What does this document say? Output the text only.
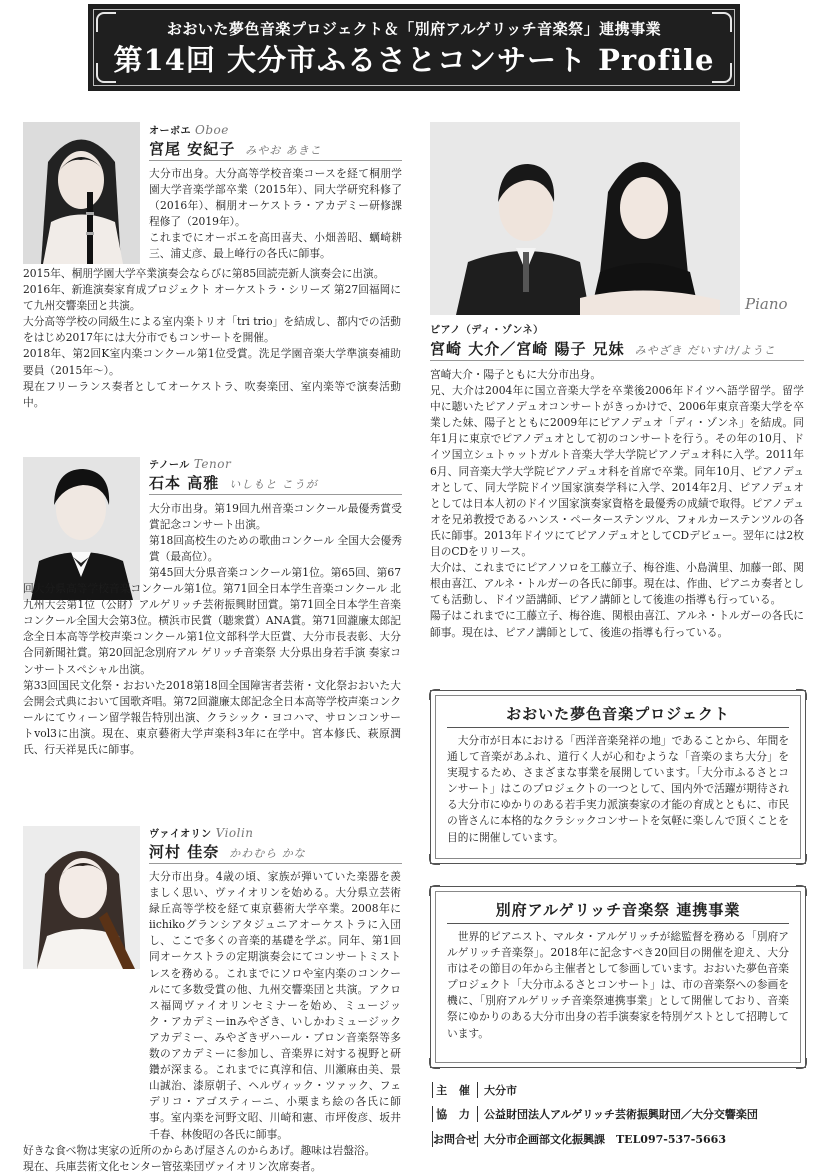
おおいた夢色音楽プロジェクト＆「別府アルゲリッチ音楽祭」連携事業
第14回 大分市ふるさとコンサート Profile
オーボエ Oboe
宮尾 安紀子 みやお あきこ

大分市出身。大分高等学校音楽コースを経て桐朋学園大学音楽学部卒業（2015年）、同大学研究科修了（2016年）、桐朋オーケストラ・アカデミー研修課程修了（2019年）。

これまでにオーボエを高田喜夫、小畑善昭、蠣崎耕三、浦丈彦、最上峰行の各氏に師事。

2015年、桐朋学園大学卒業演奏会ならびに第85回読売新人演奏会に出演。

2016年、新進演奏家育成プロジェクト オーケストラ・シリーズ 第27回福岡にて九州交響楽団と共演。

大分高等学校の同級生による室内楽トリオ「tri trio」を結成し、都内での活動をはじめ2017年には大分市でもコンサートを開催。

2018年、第2回K室内楽コンクール第1位受賞。洗足学園音楽大学準演奏補助要員（2015年〜）。

現在フリーランス奏者としてオーケストラ、吹奏楽団、室内楽等で演奏活動中。

テノール Tenor
石本 高雅 いしもと こうが

大分市出身。第19回九州音楽コンクール最優秀賞受賞記念コンサート出演。

第18回高校生のための歌曲コンクール 全国大会優秀賞（最高位）。

第45回大分県音楽コンクール第1位。第65回、第67回大分県高等学校音楽コンクール第1位。第71回全日本学生音楽コンクール 北九州大会第1位（公財）アルゲリッチ芸術振興財団賞。第71回全日本学生音楽コンクール全国大会第3位。横浜市民賞（聴衆賞）ANA賞。第71回瀧廉太郎記念全日本高等学校声楽コンクール第1位文部科学大臣賞、大分市長表彰、大分合同新聞社賞。第20回記念別府アル ゲリッチ音楽祭 大分県出身若手演 奏家コンサートスペシャル出演。

第33回国民文化祭・おおいた2018第18回全国障害者芸術・文化祭おおいた大会開会式典において国歌斉唱。第72回瀧廉太郎記念全日本高等学校声楽コンクールにてウィーン留学報告特別出演、クラシック・ヨコハマ、サロンコンサートvol3に出演。現在、東京藝術大学声楽科3年に在学中。宮本修氏、萩原潤氏、行天祥晃氏に師事。

ヴァイオリン Violin
河村 佳奈 かわむら かな

大分市出身。4歳の頃、家族が弾いていた楽器を羨ましく思い、ヴァイオリンを始める。大分県立芸術緑丘高等学校を経て東京藝術大学卒業。2008年にiichikoグランシアタジュニアオーケストラに入団し、ここで多くの音楽的基礎を学ぶ。同年、第1回同オーケストラの定期演奏会にてコンサートミストレスを務める。これまでにソロや室内楽のコンクールにて多数受賞の他、九州交響楽団と共演。アクロス福岡ヴァイオリンセミナーを始め、ミュージック・アカデミーinみやざき、いしかわミュージックアカデミー、みやざきザハール・ブロン音楽祭等多数のアカデミーに参加し、音楽界に対する視野と研鑽が深まる。これまでに真淳和信、川瀬麻由美、景山誠治、漆原朝子、ヘルヴィック・ツァック、フェデリコ・アゴスティーニ、小栗まち絵の各氏に師事。室内楽を河野文昭、川崎和憲、市坪俊彦、坂井千春、林俊昭の各氏に師事。

好きな食べ物は実家の近所のからあげ屋さんのからあげ。趣味は岩盤浴。

現在、兵庫芸術文化センター管弦楽団ヴァイオリン次席奏者。

Piano
ピアノ（ディ・ゾンネ）
宮崎 大介／宮崎 陽子 兄妹 みやざき だいすけ/ようこ

宮崎大介・陽子ともに大分市出身。

兄、大介は2004年に国立音楽大学を卒業後2006年ドイツへ語学留学。留学中に聴いたピアノデュオコンサートがきっかけで、2006年東京音楽大学を卒業した妹、陽子とともに2009年にピアノデュオ「ディ・ゾンネ」を結成。同年1月に東京でピアノデュオとして初のコンサートを行う。その年の10月、ドイツ国立シュトゥットガルト音楽大学大学院ピアノデュオ科に入学。2011年6月、同音楽大学大学院ピアノデュオ科を首席で卒業。同年10月、ピアノデュオとして、同大学院ドイツ国家演奏学科に入学、2014年2月、ピアノデュオとしては日本人初のドイツ国家演奏家資格を最優秀の成績で取得。ピアノデュオを兄弟教授であるハンス・ペーターステンツル、フォルカーステンツルの各氏に師事。2013年ドイツにてピアノデュオとしてCDデビュー。翌年には2枚目のCDをリリース。

大介は、これまでにピアノソロを工藤立子、梅谷進、小島満里、加藤一郎、関根由喜江、アルネ・トルガーの各氏に師事。現在は、作曲、ピアニカ奏者としても活動し、ドイツ語講師、ピアノ講師として後進の指導も行っている。

陽子はこれまでに工藤立子、梅谷進、関根由喜江、アルネ・トルガーの各氏に師事。現在は、ピアノ講師として、後進の指導も行っている。

おおいた夢色音楽プロジェクト

大分市が日本における「西洋音楽発祥の地」であることから、年間を通して音楽があふれ、道行く人が心和むような「音楽のまち大分」を実現するため、さまざまな事業を展開しています。「大分市ふるさとコンサート」はこのプロジェクトの一つとして、国内外で活躍が期待される大分市にゆかりのある若手実力派演奏家の才能の育成とともに、市民の皆さんに本格的なクラシックコンサートを気軽に楽しんで頂くことを目的に開催しています。

別府アルゲリッチ音楽祭 連携事業

世界的ピアニスト、マルタ・アルゲリッチが総監督を務める「別府アルゲリッチ音楽祭」。2018年に記念すべき20回目の開催を迎え、大分市はその節目の年から主催者として参画しています。おおいた夢色音楽プロジェクト「大分市ふるさとコンサート」は、市の音楽祭への参画を機に、「別府アルゲリッチ音楽祭連携事業」として開催しており、音楽祭にゆかりのある大分市出身の若手演奏家を特別ゲストとして招聘しています。

主 催 大分市
協 力 公益財団法人アルゲリッチ芸術振興財団／大分交響楽団
お問合せ 大分市企画部文化振興課　TEL097-537-5663
